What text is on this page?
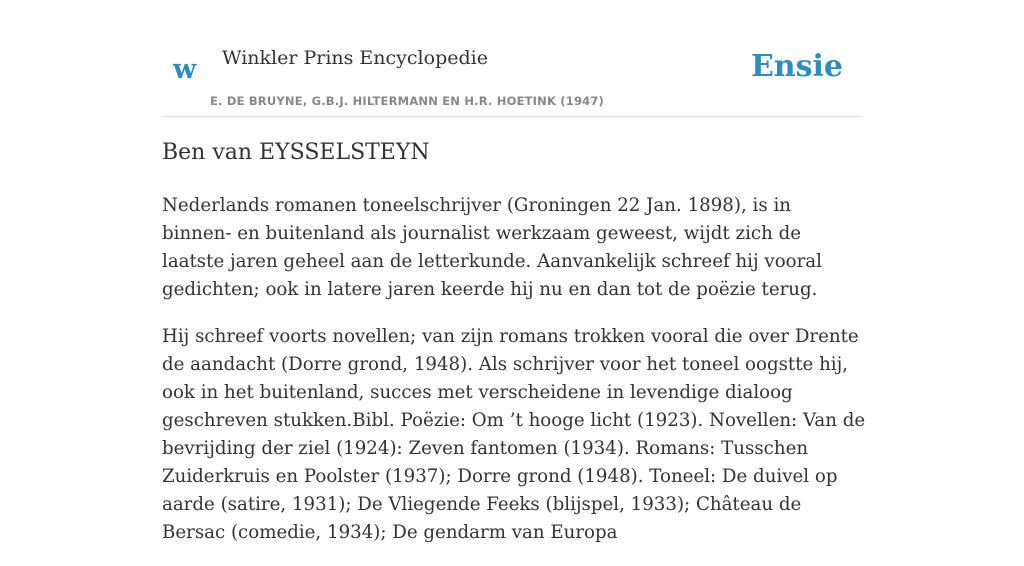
w Winkler Prins Encyclopedie
E. DE BRUYNE, G.B.J. HILTERMANN EN H.R. HOETINK (1947)
Ensie
Ben van EYSSELSTEYN

Nederlands romanen toneelschrijver (Groningen 22 Jan. 1898), is in binnen- en buitenland als journalist werkzaam geweest, wijdt zich de laatste jaren geheel aan de letterkunde. Aanvankelijk schreef hij vooral gedichten; ook in latere jaren keerde hij nu en dan tot de poëzie terug.

Hij schreef voorts novellen; van zijn romans trokken vooral die over Drente de aandacht (Dorre grond, 1948). Als schrijver voor het toneel oogstte hij, ook in het buitenland, succes met verscheidene in levendige dialoog geschreven stukken.Bibl. Poëzie: Om ’t hooge licht (1923). Novellen: Van de bevrijding der ziel (1924): Zeven fantomen (1934). Romans: Tusschen Zuiderkruis en Poolster (1937); Dorre grond (1948). Toneel: De duivel op aarde (satire, 1931); De Vliegende Feeks (blijspel, 1933); Château de Bersac (comedie, 1934); De gendarm van Europa
